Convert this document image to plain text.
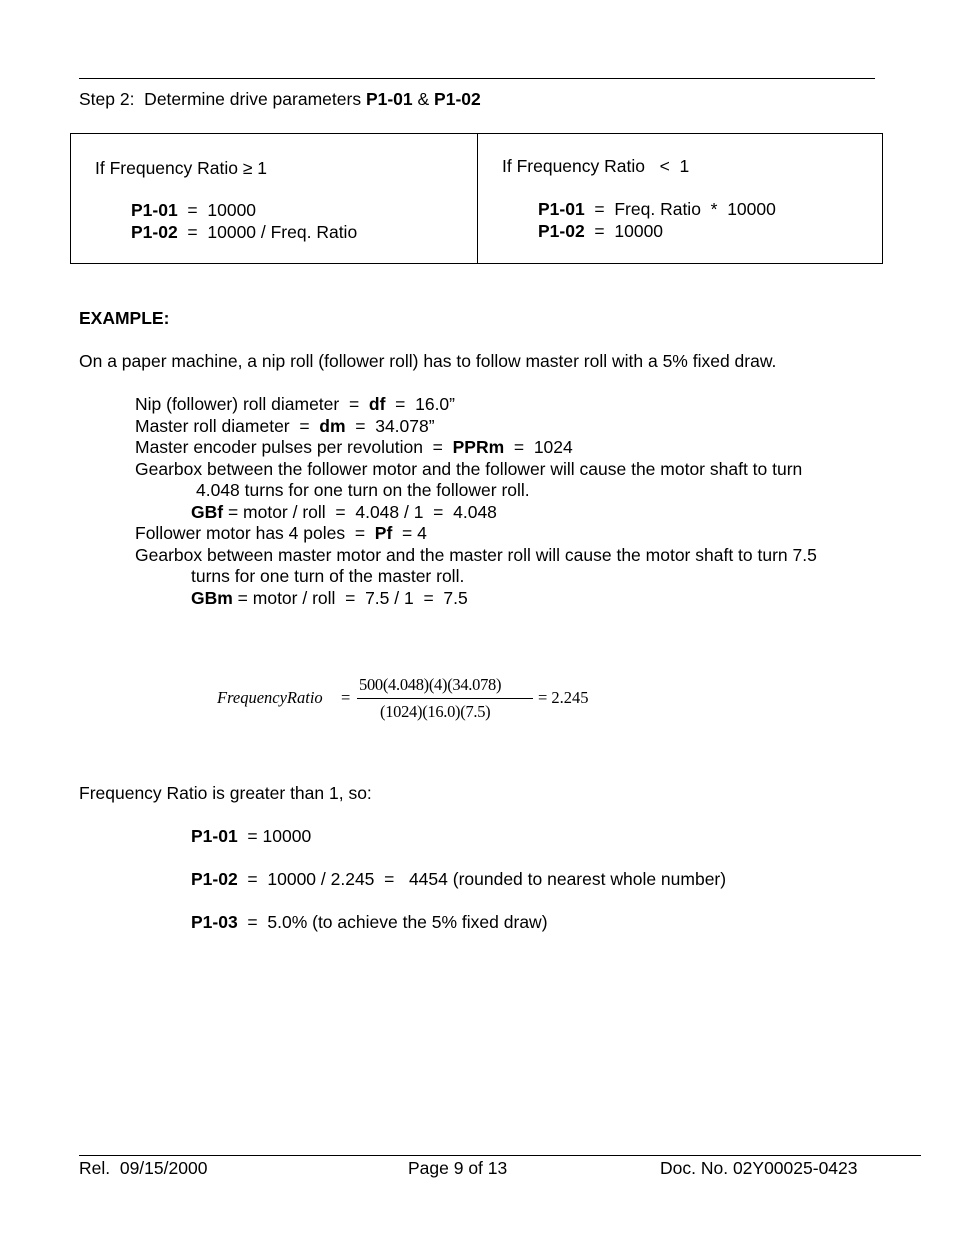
Step 2:  Determine drive parameters P1-01 & P1-02
If Frequency Ratio ≥ 1
P1-01  =  10000
P1-02  =  10000 / Freq. Ratio
If Frequency Ratio   <  1
P1-01  =  Freq. Ratio  *  10000
P1-02  =  10000
EXAMPLE:
On a paper machine, a nip roll (follower roll) has to follow master roll with a 5% fixed draw.
Nip (follower) roll diameter  =  df  =  16.0”
Master roll diameter  =  dm  =  34.078”
Master encoder pulses per revolution  =  PPRm  =  1024
Gearbox between the follower motor and the follower will cause the motor shaft to turn
4.048 turns for one turn on the follower roll.
GBf = motor / roll  =  4.048 / 1  =  4.048
Follower motor has 4 poles  =  Pf  = 4
Gearbox between master motor and the master roll will cause the motor shaft to turn 7.5
turns for one turn of the master roll.
GBm = motor / roll  =  7.5 / 1  =  7.5
FrequencyRatio =
500(4.048)(4)(34.078)
(1024)(16.0)(7.5)
= 2.245
Frequency Ratio is greater than 1, so:
P1-01  = 10000
P1-02  =  10000 / 2.245  =   4454 (rounded to nearest whole number)
P1-03  =  5.0% (to achieve the 5% fixed draw)
Rel.  09/15/2000	Page 9 of 13	Doc. No. 02Y00025-0423
